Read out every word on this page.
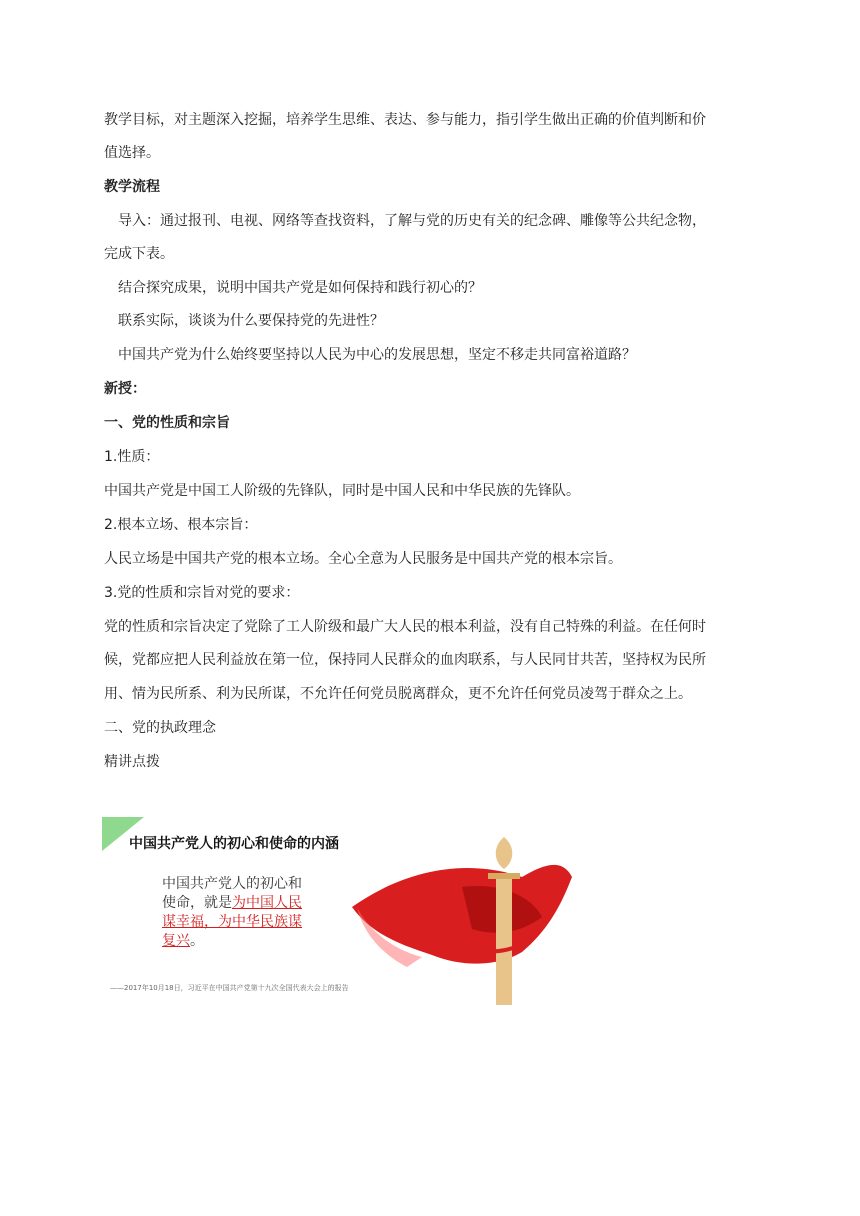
教学目标，对主题深入挖掘，培养学生思维、表达、参与能力，指引学生做出正确的价值判断和价
值选择。
教学流程
导入：通过报刊、电视、网络等查找资料，了解与党的历史有关的纪念碑、雕像等公共纪念物，
完成下表。
结合探究成果，说明中国共产党是如何保持和践行初心的？
联系实际，谈谈为什么要保持党的先进性？
中国共产党为什么始终要坚持以人民为中心的发展思想，坚定不移走共同富裕道路？
新授：
一、党的性质和宗旨
1.性质：
中国共产党是中国工人阶级的先锋队，同时是中国人民和中华民族的先锋队。
2.根本立场、根本宗旨：
人民立场是中国共产党的根本立场。全心全意为人民服务是中国共产党的根本宗旨。
3.党的性质和宗旨对党的要求：
党的性质和宗旨决定了党除了工人阶级和最广大人民的根本利益，没有自己特殊的利益。在任何时
候，党都应把人民利益放在第一位，保持同人民群众的血肉联系，与人民同甘共苦，坚持权为民所
用、情为民所系、利为民所谋，不允许任何党员脱离群众，更不允许任何党员凌驾于群众之上。
二、党的执政理念
精讲点拨
中国共产党人的初心和使命的内涵
中国共产党人的初心和使命，就是为中国人民谋幸福，为中华民族谋复兴。
——2017年10月18日，习近平在中国共产党第十九次全国代表大会上的报告
